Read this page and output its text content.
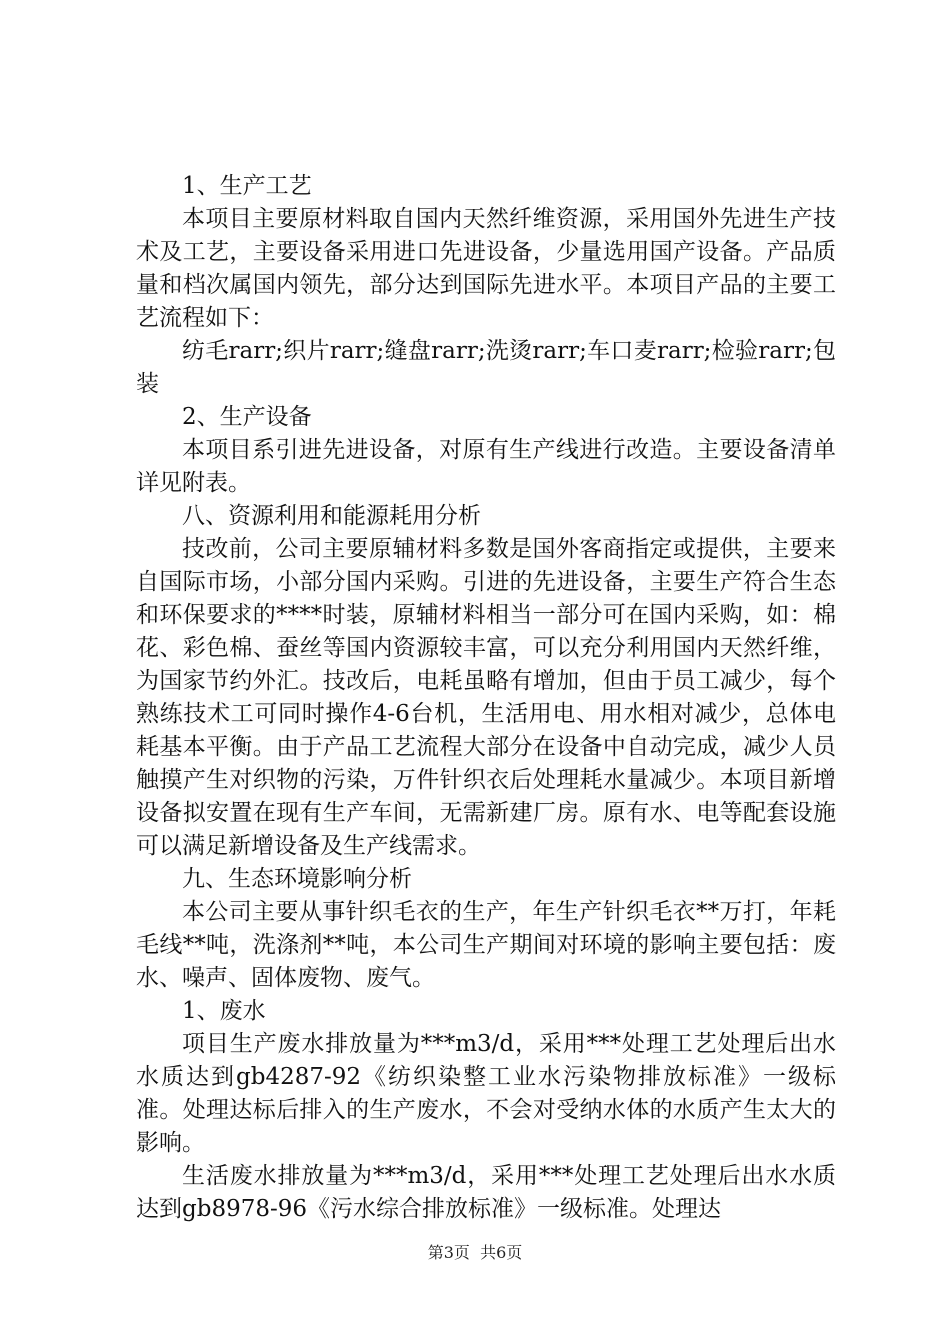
1、生产工艺

本项目主要原材料取自国内天然纤维资源，采用国外先进生产技术及工艺，主要设备采用进口先进设备，少量选用国产设备。产品质量和档次属国内领先，部分达到国际先进水平。本项目产品的主要工艺流程如下：

纺毛rarr;织片rarr;缝盘rarr;洗烫rarr;车口麦rarr;检验rarr;包装

2、生产设备

本项目系引进先进设备，对原有生产线进行改造。主要设备清单详见附表。

八、资源利用和能源耗用分析

技改前，公司主要原辅材料多数是国外客商指定或提供，主要来自国际市场，小部分国内采购。引进的先进设备，主要生产符合生态和环保要求的****时装，原辅材料相当一部分可在国内采购，如：棉花、彩色棉、蚕丝等国内资源较丰富，可以充分利用国内天然纤维，为国家节约外汇。技改后，电耗虽略有增加，但由于员工减少，每个熟练技术工可同时操作4-6台机，生活用电、用水相对减少，总体电耗基本平衡。由于产品工艺流程大部分在设备中自动完成，减少人员触摸产生对织物的污染，万件针织衣后处理耗水量减少。本项目新增设备拟安置在现有生产车间，无需新建厂房。原有水、电等配套设施可以满足新增设备及生产线需求。

九、生态环境影响分析

本公司主要从事针织毛衣的生产，年生产针织毛衣**万打，年耗毛线**吨，洗涤剂**吨，本公司生产期间对环境的影响主要包括：废水、噪声、固体废物、废气。

1、废水

项目生产废水排放量为***m3/d，采用***处理工艺处理后出水水质达到gb4287-92《纺织染整工业水污染物排放标准》一级标准。处理达标后排入的生产废水，不会对受纳水体的水质产生太大的影响。

生活废水排放量为***m3/d，采用***处理工艺处理后出水水质达到gb8978-96《污水综合排放标准》一级标准。处理达

第3页  共6页
